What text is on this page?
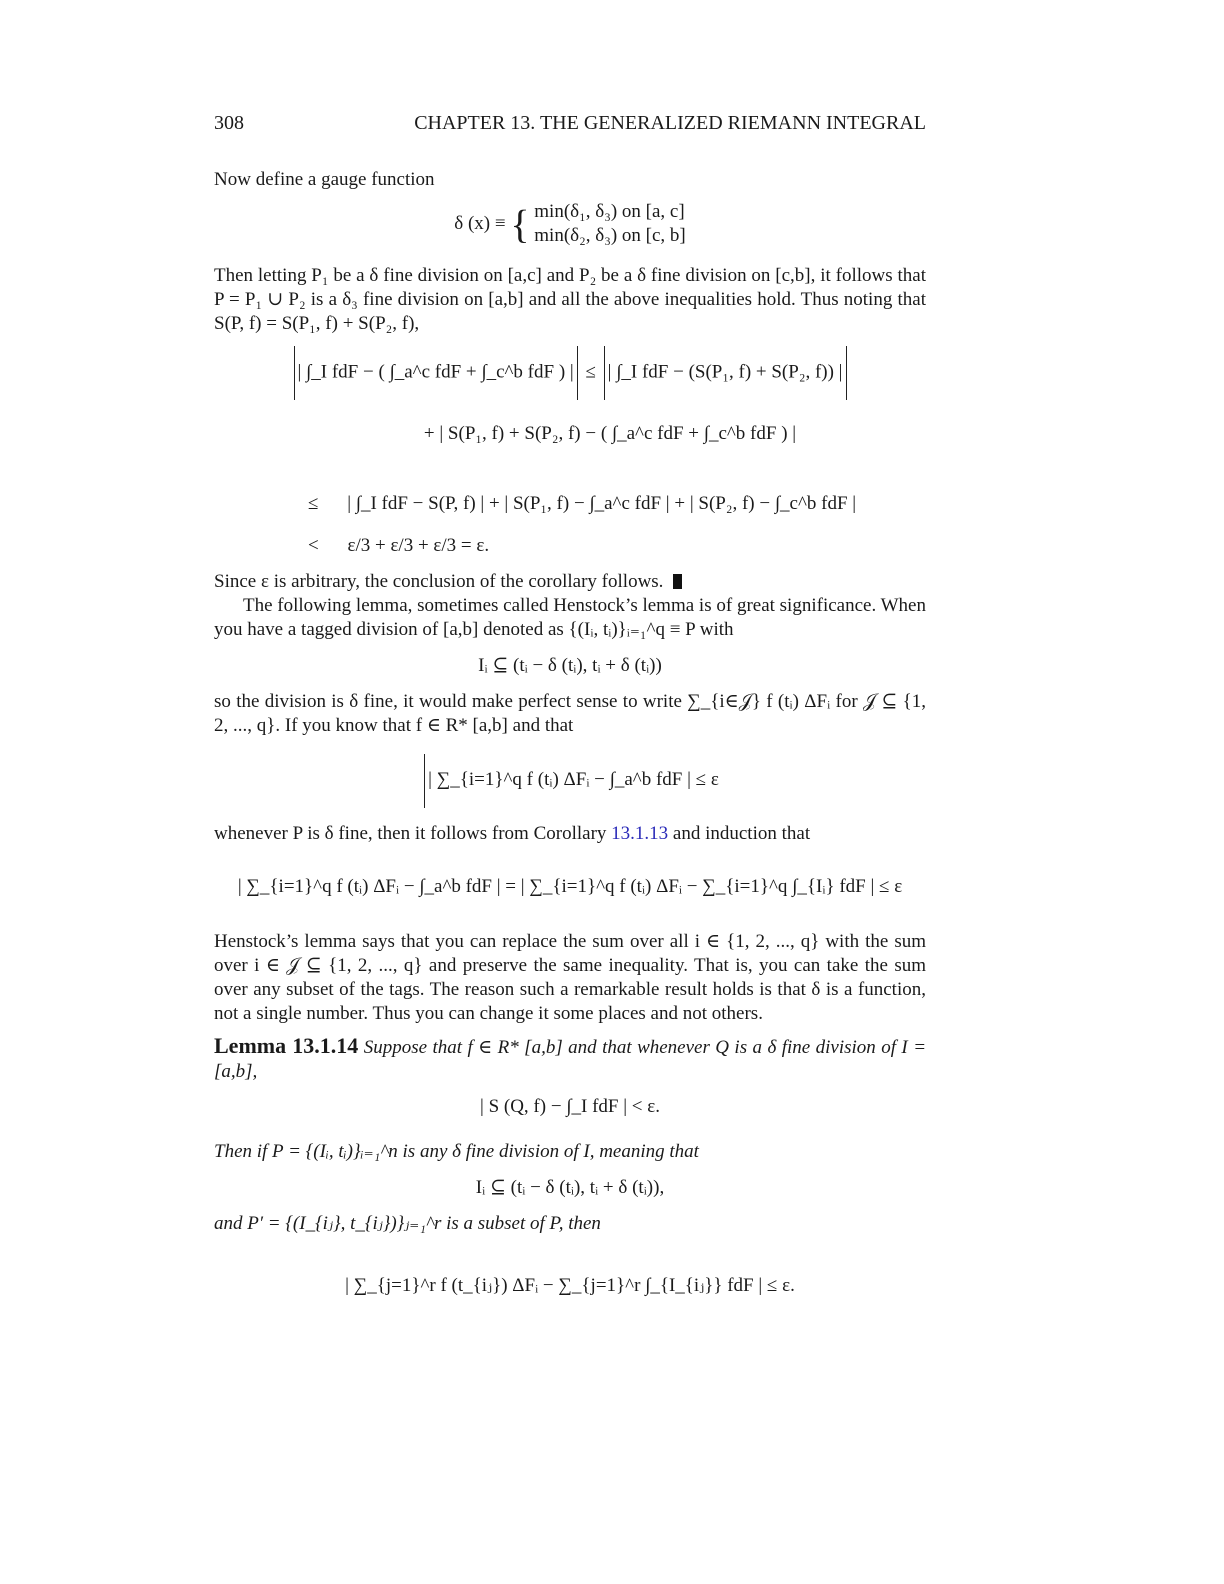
308	CHAPTER 13. THE GENERALIZED RIEMANN INTEGRAL
Now define a gauge function
δ (x) ≡ { min(δ₁, δ₃) on [a, c]
min(δ₂, δ₃) on [c, b]
Then letting P₁ be a δ fine division on [a,c] and P₂ be a δ fine division on [c,b], it follows that P = P₁ ∪ P₂ is a δ₃ fine division on [a,b] and all the above inequalities hold. Thus noting that S(P, f) = S(P₁, f) + S(P₂, f),
| ∫_I fdF − ( ∫_a^c fdF + ∫_c^b fdF ) | ≤ | ∫_I fdF − (S(P₁, f) + S(P₂, f)) |
+ | S(P₁, f) + S(P₂, f) − ( ∫_a^c fdF + ∫_c^b fdF ) |
≤ | ∫_I fdF − S(P, f) | + | S(P₁, f) − ∫_a^c fdF | + | S(P₂, f) − ∫_c^b fdF |
< ε/3 + ε/3 + ε/3 = ε.
Since ε is arbitrary, the conclusion of the corollary follows.
The following lemma, sometimes called Henstock’s lemma is of great significance. When you have a tagged division of [a,b] denoted as {(Iᵢ, tᵢ)}ᵢ₌₁^q ≡ P with
Iᵢ ⊆ (tᵢ − δ (tᵢ), tᵢ + δ (tᵢ))
so the division is δ fine, it would make perfect sense to write ∑_{i∈𝒥} f (tᵢ) ΔFᵢ for 𝒥 ⊆ {1, 2, ..., q}. If you know that f ∈ R* [a,b] and that
| ∑_{i=1}^q f (tᵢ) ΔFᵢ − ∫_a^b fdF | ≤ ε
whenever P is δ fine, then it follows from Corollary 13.1.13 and induction that
| ∑_{i=1}^q f (tᵢ) ΔFᵢ − ∫_a^b fdF | = | ∑_{i=1}^q f (tᵢ) ΔFᵢ − ∑_{i=1}^q ∫_{Iᵢ} fdF | ≤ ε
Henstock’s lemma says that you can replace the sum over all i ∈ {1, 2, ..., q} with the sum over i ∈ 𝒥 ⊆ {1, 2, ..., q} and preserve the same inequality. That is, you can take the sum over any subset of the tags. The reason such a remarkable result holds is that δ is a function, not a single number. Thus you can change it some places and not others.
Lemma 13.1.14 Suppose that f ∈ R* [a,b] and that whenever Q is a δ fine division of I = [a,b],
| S (Q, f) − ∫_I fdF | < ε.
Then if P = {(Iᵢ, tᵢ)}ᵢ₌₁^n is any δ fine division of I, meaning that
Iᵢ ⊆ (tᵢ − δ (tᵢ), tᵢ + δ (tᵢ)),
and P′ = {(I_{iⱼ}, t_{iⱼ})}ⱼ₌₁^r is a subset of P, then
| ∑_{j=1}^r f (t_{iⱼ}) ΔFᵢ − ∑_{j=1}^r ∫_{I_{iⱼ}} fdF | ≤ ε.
